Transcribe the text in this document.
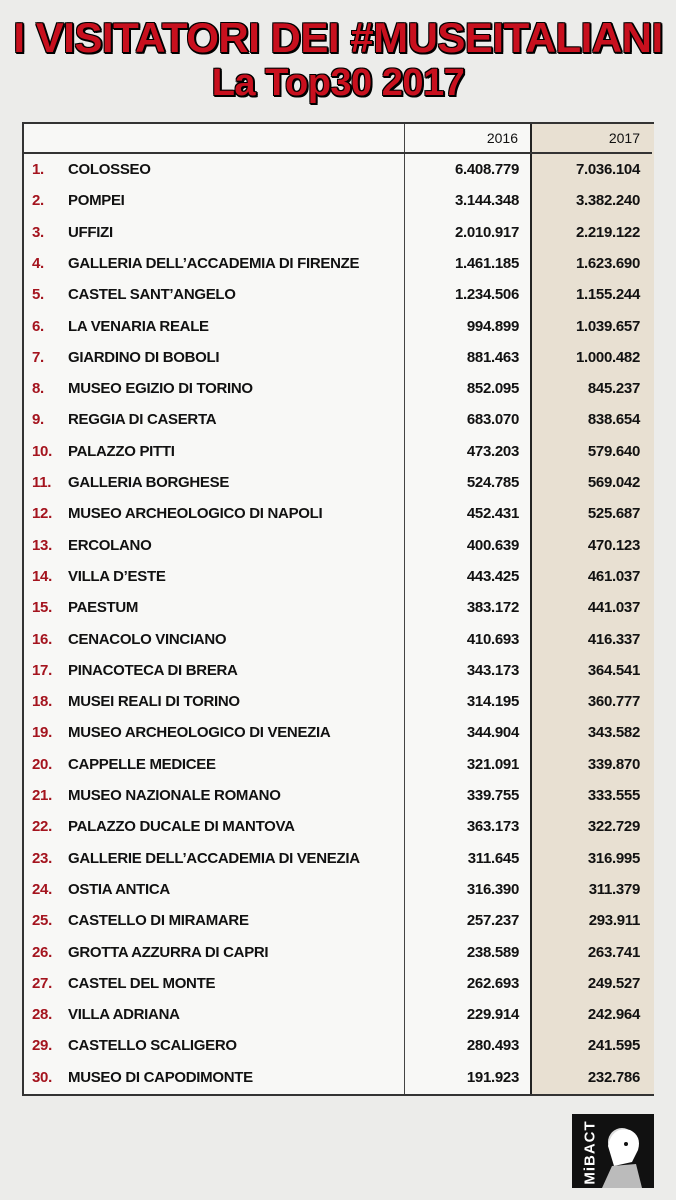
I VISITATORI DEI #MUSEITALIANI
La Top30 2017
2016	2017
1. COLOSSEO	6.408.779	7.036.104
2. POMPEI	3.144.348	3.382.240
3. UFFIZI	2.010.917	2.219.122
4. GALLERIA DELL’ACCADEMIA DI FIRENZE	1.461.185	1.623.690
5. CASTEL SANT’ANGELO	1.234.506	1.155.244
6. LA VENARIA REALE	994.899	1.039.657
7. GIARDINO DI BOBOLI	881.463	1.000.482
8. MUSEO EGIZIO DI TORINO	852.095	845.237
9. REGGIA DI CASERTA	683.070	838.654
10. PALAZZO PITTI	473.203	579.640
11. GALLERIA BORGHESE	524.785	569.042
12. MUSEO ARCHEOLOGICO DI NAPOLI	452.431	525.687
13. ERCOLANO	400.639	470.123
14. VILLA D’ESTE	443.425	461.037
15. PAESTUM	383.172	441.037
16. CENACOLO VINCIANO	410.693	416.337
17. PINACOTECA DI BRERA	343.173	364.541
18. MUSEI REALI DI TORINO	314.195	360.777
19. MUSEO ARCHEOLOGICO DI VENEZIA	344.904	343.582
20. CAPPELLE MEDICEE	321.091	339.870
21. MUSEO NAZIONALE ROMANO	339.755	333.555
22. PALAZZO DUCALE DI MANTOVA	363.173	322.729
23. GALLERIE DELL’ACCADEMIA DI VENEZIA	311.645	316.995
24. OSTIA ANTICA	316.390	311.379
25. CASTELLO DI MIRAMARE	257.237	293.911
26. GROTTA AZZURRA DI CAPRI	238.589	263.741
27. CASTEL DEL MONTE	262.693	249.527
28. VILLA ADRIANA	229.914	242.964
29. CASTELLO SCALIGERO	280.493	241.595
30. MUSEO DI CAPODIMONTE	191.923	232.786
MiBACT
